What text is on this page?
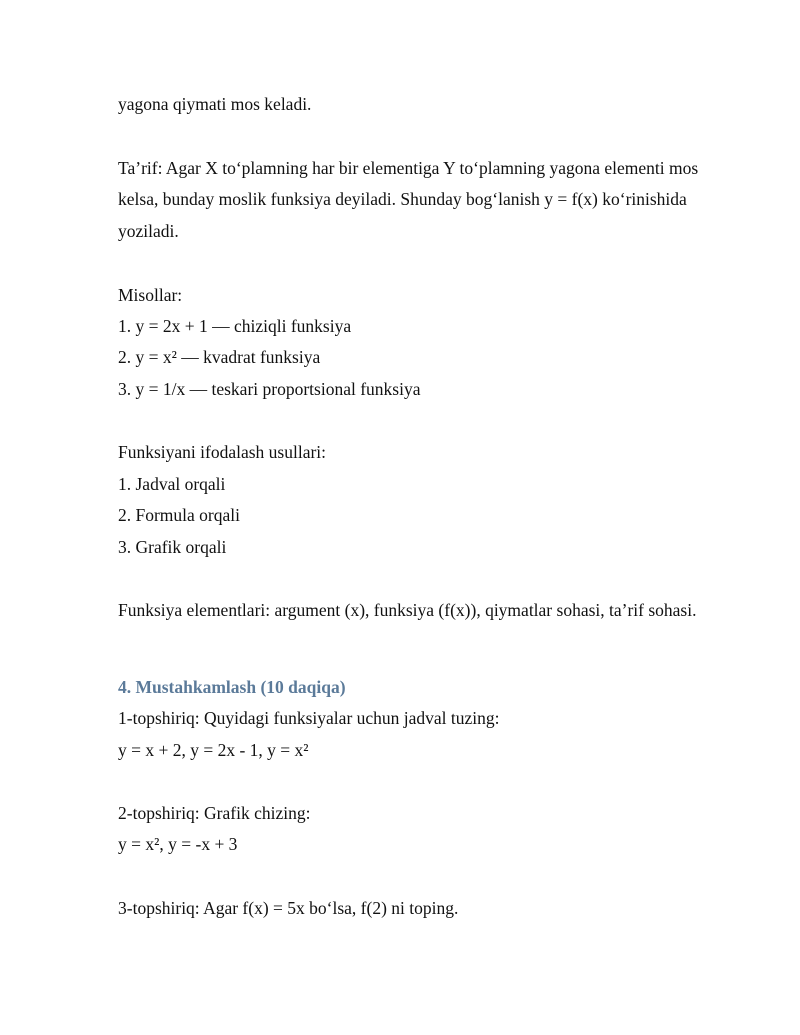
yagona qiymati mos keladi.
Ta’rif: Agar X to‘plamning har bir elementiga Y to‘plamning yagona elementi mos
kelsa, bunday moslik funksiya deyiladi. Shunday bog‘lanish y = f(x) ko‘rinishida
yoziladi.
Misollar:
1. y = 2x + 1 — chiziqli funksiya
2. y = x² — kvadrat funksiya
3. y = 1/x — teskari proportsional funksiya
Funksiyani ifodalash usullari:
1. Jadval orqali
2. Formula orqali
3. Grafik orqali
Funksiya elementlari: argument (x), funksiya (f(x)), qiymatlar sohasi, ta’rif sohasi.
4. Mustahkamlash (10 daqiqa)
1-topshiriq: Quyidagi funksiyalar uchun jadval tuzing:
y = x + 2, y = 2x - 1, y = x²
2-topshiriq: Grafik chizing:
y = x², y = -x + 3
3-topshiriq: Agar f(x) = 5x bo‘lsa, f(2) ni toping.
